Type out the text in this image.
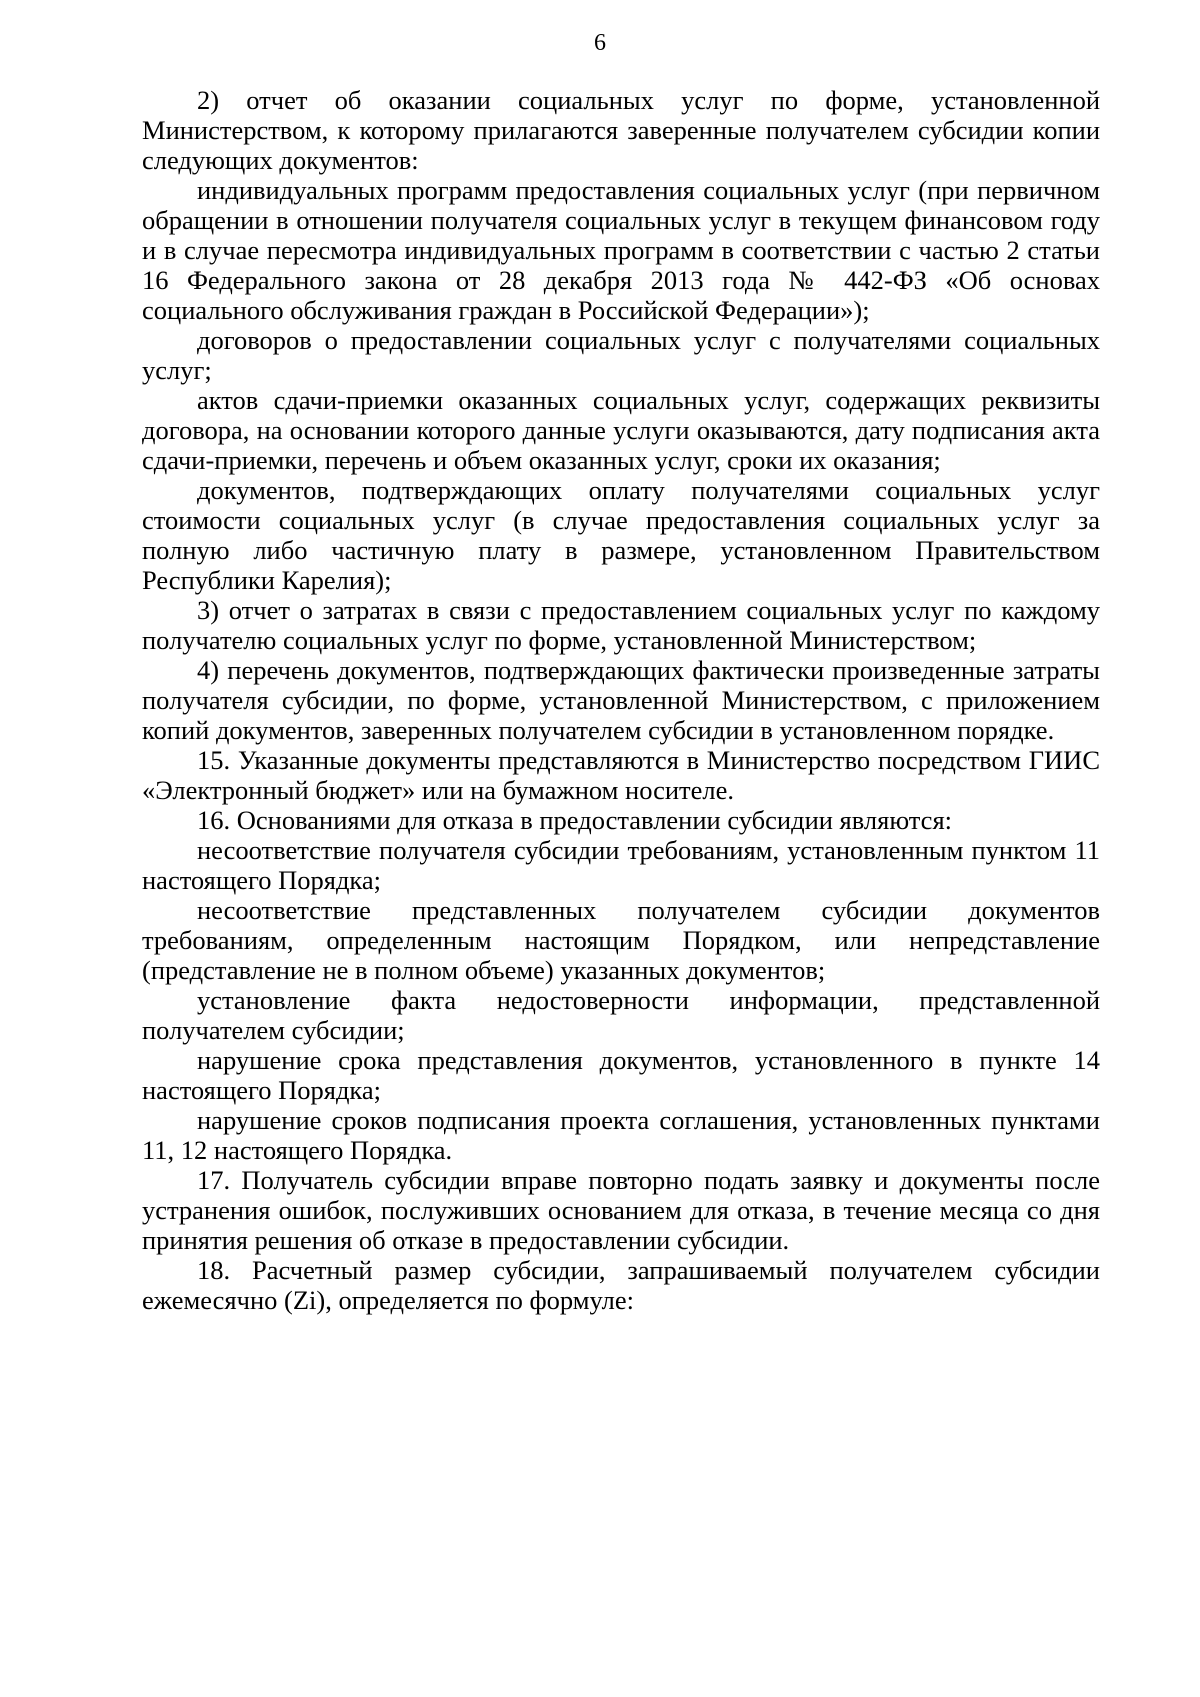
6

2) отчет об оказании социальных услуг по форме, установленной Министерством, к которому прилагаются заверенные получателем субсидии копии следующих документов:

индивидуальных программ предоставления социальных услуг (при первичном обращении в отношении получателя социальных услуг в текущем финансовом году и в случае пересмотра индивидуальных программ в соответствии с частью 2 статьи 16 Федерального закона от 28 декабря 2013 года № 442-ФЗ «Об основах социального обслуживания граждан в Российской Федерации»);

договоров о предоставлении социальных услуг с получателями социальных услуг;

актов сдачи-приемки оказанных социальных услуг, содержащих реквизиты договора, на основании которого данные услуги оказываются, дату подписания акта сдачи-приемки, перечень и объем оказанных услуг, сроки их оказания;

документов, подтверждающих оплату получателями социальных услуг стоимости социальных услуг (в случае предоставления социальных услуг за полную либо частичную плату в размере, установленном Правительством Республики Карелия);

3) отчет о затратах в связи с предоставлением социальных услуг по каждому получателю социальных услуг по форме, установленной Министерством;

4) перечень документов, подтверждающих фактически произведенные затраты получателя субсидии, по форме, установленной Министерством, с приложением копий документов, заверенных получателем субсидии в установленном порядке.

15. Указанные документы представляются в Министерство посредством ГИИС «Электронный бюджет» или на бумажном носителе.

16. Основаниями для отказа в предоставлении субсидии являются:

несоответствие получателя субсидии требованиям, установленным пунктом 11 настоящего Порядка;

несоответствие представленных получателем субсидии документов требованиям, определенным настоящим Порядком, или непредставление (представление не в полном объеме) указанных документов;

установление факта недостоверности информации, представленной получателем субсидии;

нарушение срока представления документов, установленного в пункте 14 настоящего Порядка;

нарушение сроков подписания проекта соглашения, установленных пунктами 11, 12 настоящего Порядка.

17. Получатель субсидии вправе повторно подать заявку и документы после устранения ошибок, послуживших основанием для отказа, в течение месяца со дня принятия решения об отказе в предоставлении субсидии.

18. Расчетный размер субсидии, запрашиваемый получателем субсидии ежемесячно (Zi), определяется по формуле:
